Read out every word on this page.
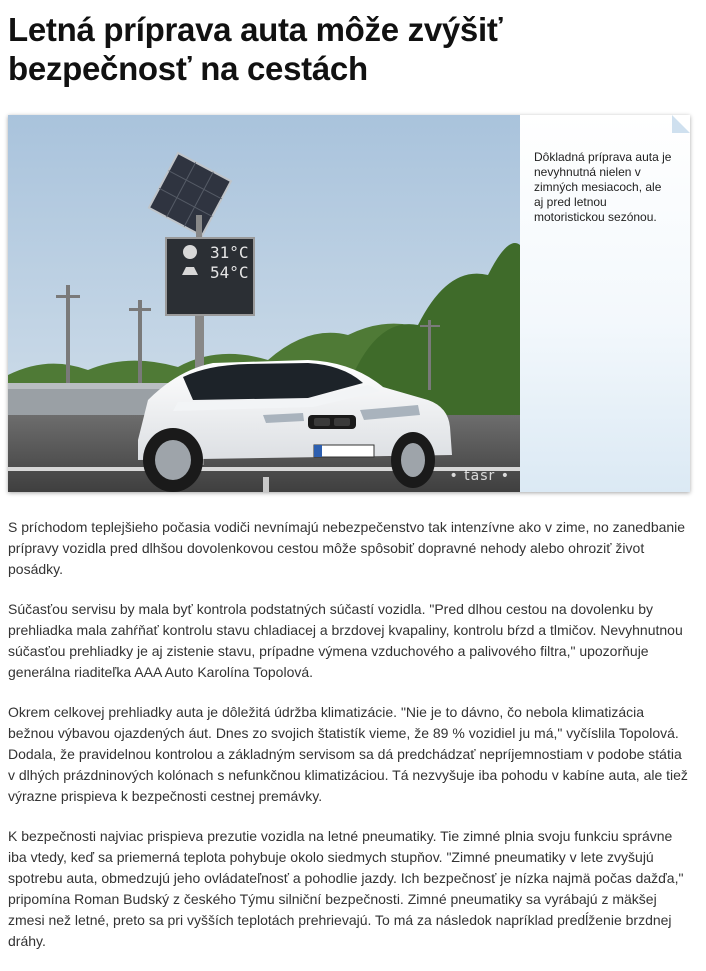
Letná príprava auta môže zvýšiť bezpečnosť na cestách
31°C
54°C
• tasr •
Dôkladná príprava auta je nevyhnutná nielen v zimných mesiacoch, ale aj pred letnou motoristickou sezónou.

S príchodom teplejšieho počasia vodiči nevnímajú nebezpečenstvo tak intenzívne ako v zime, no zanedbanie prípravy vozidla pred dlhšou dovolenkovou cestou môže spôsobiť dopravné nehody alebo ohroziť život posádky.

Súčasťou servisu by mala byť kontrola podstatných súčastí vozidla. "Pred dlhou cestou na dovolenku by prehliadka mala zahŕňať kontrolu stavu chladiacej a brzdovej kvapaliny, kontrolu bŕzd a tlmičov. Nevyhnutnou súčasťou prehliadky je aj zistenie stavu, prípadne výmena vzduchového a palivového filtra," upozorňuje generálna riaditeľka AAA Auto Karolína Topolová.

Okrem celkovej prehliadky auta je dôležitá údržba klimatizácie. "Nie je to dávno, čo nebola klimatizácia bežnou výbavou ojazdených áut. Dnes zo svojich štatistík vieme, že 89 % vozidiel ju má," vyčíslila Topolová. Dodala, že pravidelnou kontrolou a základným servisom sa dá predchádzať nepríjemnostiam v podobe státia v dlhých prázdninových kolónach s nefunkčnou klimatizáciou. Tá nezvyšuje iba pohodu v kabíne auta, ale tiež výrazne prispieva k bezpečnosti cestnej premávky.

K bezpečnosti najviac prispieva prezutie vozidla na letné pneumatiky. Tie zimné plnia svoju funkciu správne iba vtedy, keď sa priemerná teplota pohybuje okolo siedmych stupňov. "Zimné pneumatiky v lete zvyšujú spotrebu auta, obmedzujú jeho ovládateľnosť a pohodlie jazdy. Ich bezpečnosť je nízka najmä počas dažďa," pripomína Roman Budský z českého Týmu silniční bezpečnosti. Zimné pneumatiky sa vyrábajú z mäkšej zmesi než letné, preto sa pri vyšších teplotách prehrievajú. To má za následok napríklad predĺženie brzdnej dráhy.
